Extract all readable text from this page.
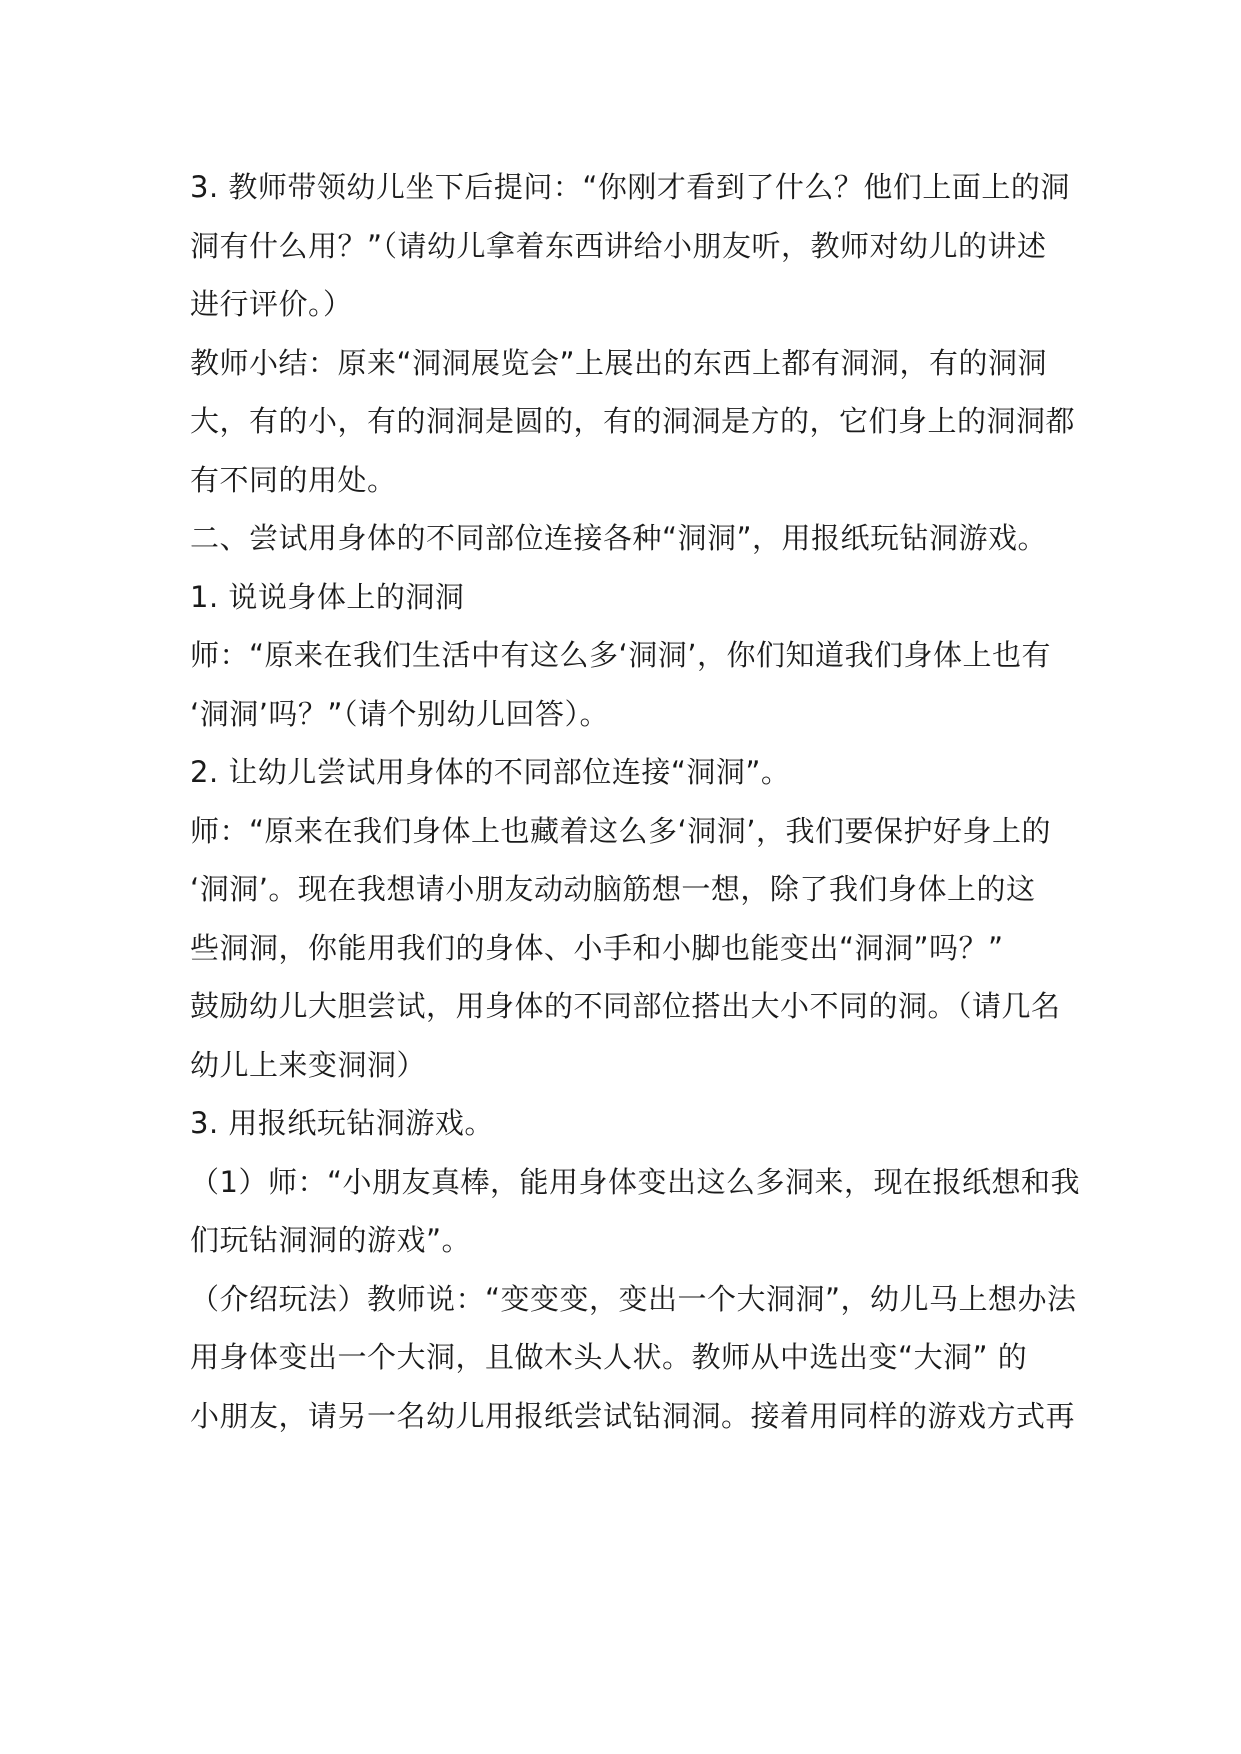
3. 教师带领幼儿坐下后提问：“你刚才看到了什么？他们上面上的洞
洞有什么用？”（请幼儿拿着东西讲给小朋友听，教师对幼儿的讲述
进行评价。）
教师小结：原来“洞洞展览会”上展出的东西上都有洞洞，有的洞洞
大，有的小，有的洞洞是圆的，有的洞洞是方的，它们身上的洞洞都
有不同的用处。
二、尝试用身体的不同部位连接各种“洞洞”，用报纸玩钻洞游戏。
1. 说说身体上的洞洞
师：“原来在我们生活中有这么多‘洞洞’，你们知道我们身体上也有
‘洞洞’吗？”（请个别幼儿回答）。
2. 让幼儿尝试用身体的不同部位连接“洞洞”。
师：“原来在我们身体上也藏着这么多‘洞洞’，我们要保护好身上的
‘洞洞’。现在我想请小朋友动动脑筋想一想，除了我们身体上的这
些洞洞，你能用我们的身体、小手和小脚也能变出“洞洞”吗？”
鼓励幼儿大胆尝试，用身体的不同部位搭出大小不同的洞。（请几名
幼儿上来变洞洞）
3. 用报纸玩钻洞游戏。
（1）师：“小朋友真棒，能用身体变出这么多洞来，现在报纸想和我
们玩钻洞洞的游戏”。
（介绍玩法）教师说：“变变变，变出一个大洞洞”，幼儿马上想办法
用身体变出一个大洞，且做木头人状。教师从中选出变“大洞” 的
小朋友，请另一名幼儿用报纸尝试钻洞洞。接着用同样的游戏方式再
